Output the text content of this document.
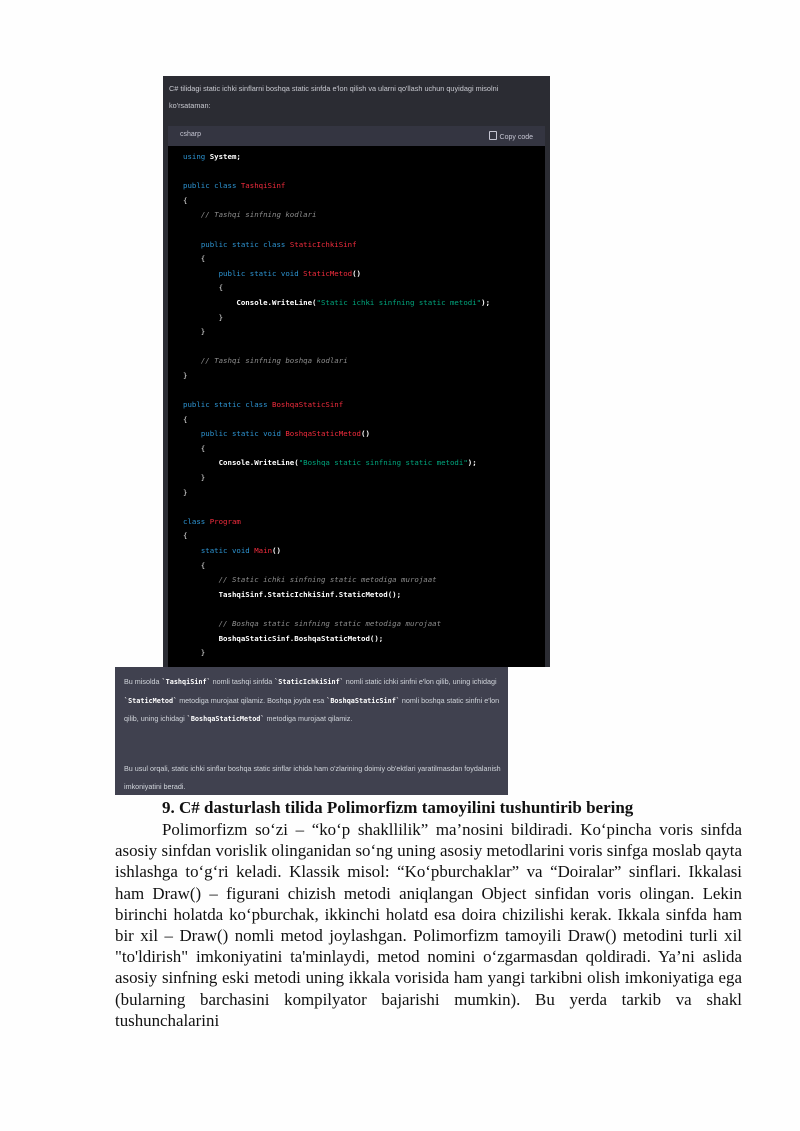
C# tilidagi static ichki sinflarni boshqa static sinfda e'lon qilish va ularni qo'llash uchun quyidagi misolni ko'rsataman:
csharp	Copy code
using System;
public class TashqiSinf
{
// Tashqi sinfning kodlari
public static class StaticIchkiSinf
{
public static void StaticMetod()
{
Console.WriteLine("Static ichki sinfning static metodi");
}
}
// Tashqi sinfning boshqa kodlari
}
public static class BoshqaStaticSinf
{
public static void BoshqaStaticMetod()
{
Console.WriteLine("Boshqa static sinfning static metodi");
}
}
class Program
{
static void Main()
{
// Static ichki sinfning static metodiga murojaat
TashqiSinf.StaticIchkiSinf.StaticMetod();
// Boshqa static sinfning static metodiga murojaat
BoshqaStaticSinf.BoshqaStaticMetod();
}

Bu misolda `TashqiSinf` nomli tashqi sinfda `StaticIchkiSinf` nomli static ichki sinfni e'lon qilib, uning ichidagi `StaticMetod` metodiga murojaat qilamiz. Boshqa joyda esa `BoshqaStaticSinf` nomli boshqa static sinfni e'lon qilib, uning ichidagi `BoshqaStaticMetod` metodiga murojaat qilamiz.

Bu usul orqali, static ichki sinflar boshqa static sinflar ichida ham o'zlarining doimiy ob'ektlari yaratilmasdan foydalanish imkoniyatini beradi.

9. C# dasturlash tilida Polimorfizm tamoyilini tushuntirib bering

Polimorfizm so‘zi – “ko‘p shakllilik” ma’nosini bildiradi. Ko‘pincha voris sinfda asosiy sinfdan vorislik olinganidan so‘ng uning asosiy metodlarini voris sinfga moslab qayta ishlashga to‘g‘ri keladi. Klassik misol: “Ko‘pburchaklar” va “Doiralar” sinflari. Ikkalasi ham Draw() – figurani chizish metodi aniqlangan Object sinfidan voris olingan. Lekin birinchi holatda ko‘pburchak, ikkinchi holatd esa doira chizilishi kerak. Ikkala sinfda ham bir xil – Draw() nomli metod joylashgan. Polimorfizm tamoyili Draw() metodini turli xil "to'ldirish" imkoniyatini ta'minlaydi, metod nomini o‘zgarmasdan qoldiradi. Ya’ni aslida asosiy sinfning eski metodi uning ikkala vorisida ham yangi tarkibni olish imkoniyatiga ega (bularning barchasini kompilyator bajarishi mumkin). Bu yerda tarkib va shakl tushunchalarini
